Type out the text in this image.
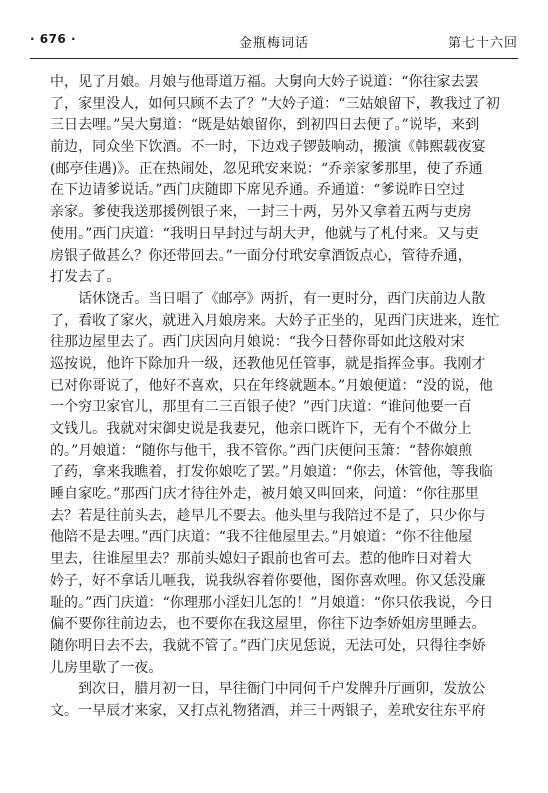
· 676 ·	金瓶梅词话	第七十六回
中，见了月娘。月娘与他哥道万福。大舅向大妗子说道：“你往家去罢
了，家里没人，如何只顾不去了？”大妗子道：“三姑娘留下，教我过了初
三日去哩。”吴大舅道：“既是姑娘留你，到初四日去便了。”说毕，来到
前边，同众坐下饮酒。不一时，下边戏子锣鼓响动，搬演《韩熙载夜宴
(邮亭佳遇)》。正在热闹处，忽见玳安来说：“乔亲家爹那里，使了乔通
在下边请爹说话。”西门庆随即下席见乔通。乔通道：“爹说昨日空过
亲家。爹使我送那援例银子来，一封三十两，另外又拿着五两与吏房
使用。”西门庆道：“我明日早封过与胡大尹，他就与了札付来。又与吏
房银子做甚么？你还带回去。”一面分付玳安拿酒饭点心，管待乔通，
打发去了。
话休饶舌。当日唱了《邮亭》两折，有一更时分，西门庆前边人散
了，看收了家火，就进入月娘房来。大妗子正坐的，见西门庆进来，连忙
往那边屋里去了。西门庆因向月娘说：“我今日替你哥如此这般对宋
巡按说，他许下除加升一级，还教他见任管事，就是指挥佥事。我刚才
已对你哥说了，他好不喜欢，只在年终就题本。”月娘便道：“没的说，他
一个穷卫家官儿，那里有二三百银子使？”西门庆道：“谁问他要一百
文钱儿。我就对宋御史说是我妻兄，他亲口既许下，无有个不做分上
的。”月娘道：“随你与他干，我不管你。”西门庆便问玉箫：“替你娘煎
了药，拿来我瞧着，打发你娘吃了罢。”月娘道：“你去，休管他，等我临
睡自家吃。”那西门庆才待往外走，被月娘又叫回来，问道：“你往那里
去？若是往前头去，趁早儿不要去。他头里与我陪过不是了，只少你与
他陪不是去哩。”西门庆道：“我不往他屋里去。”月娘道：“你不往他屋
里去，往谁屋里去？那前头媳妇子跟前也省可去。惹的他昨日对着大
妗子，好不拿话儿咂我，说我纵容着你要他，图你喜欢哩。你又恁没廉
耻的。”西门庆道：“你理那小淫妇儿怎的！”月娘道：“你只依我说，今日
偏不要你往前边去，也不要你在我这屋里，你往下边李娇姐房里睡去。
随你明日去不去，我就不管了。”西门庆见恁说，无法可处，只得往李娇
儿房里歇了一夜。
到次日，腊月初一日，早往衙门中同何千户发牌升厅画卯，发放公
文。一早辰才来家，又打点礼物猪酒，并三十两银子，差玳安往东平府
